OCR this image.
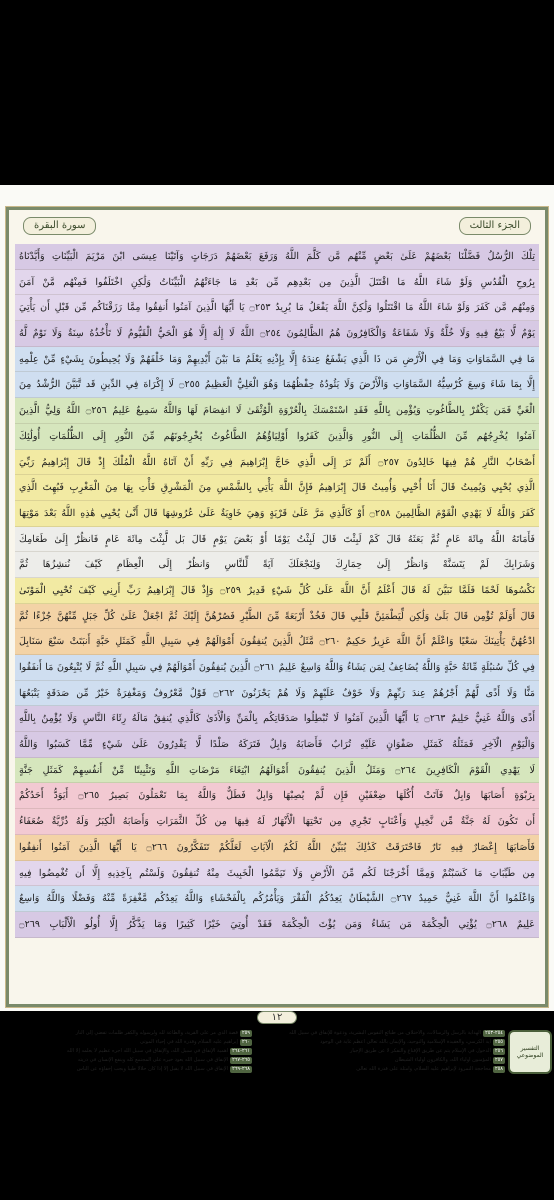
سورة البقرة	الجزء الثالث
تِلْكَ الرُّسُلُ فَضَّلْنَا بَعْضَهُمْ عَلَىٰ بَعْضٍ مِّنْهُم مَّن كَلَّمَ اللَّهُ وَرَفَعَ بَعْضَهُمْ دَرَجَاتٍ وَآتَيْنَا عِيسَى ابْنَ مَرْيَمَ الْبَيِّنَاتِ وَأَيَّدْنَاهُ
بِرُوحِ الْقُدُسِ وَلَوْ شَاءَ اللَّهُ مَا اقْتَتَلَ الَّذِينَ مِن بَعْدِهِم مِّن بَعْدِ مَا جَاءَتْهُمُ الْبَيِّنَاتُ وَلَٰكِنِ اخْتَلَفُوا فَمِنْهُم مَّنْ آمَنَ
وَمِنْهُم مَّن كَفَرَ وَلَوْ شَاءَ اللَّهُ مَا اقْتَتَلُوا وَلَٰكِنَّ اللَّهَ يَفْعَلُ مَا يُرِيدُ ۝٢٥٣ يَا أَيُّهَا الَّذِينَ آمَنُوا أَنفِقُوا مِمَّا رَزَقْنَاكُم مِّن قَبْلِ أَن يَأْتِيَ
يَوْمٌ لَّا بَيْعٌ فِيهِ وَلَا خُلَّةٌ وَلَا شَفَاعَةٌ وَالْكَافِرُونَ هُمُ الظَّالِمُونَ ۝٢٥٤ اللَّهُ لَا إِلَٰهَ إِلَّا هُوَ الْحَيُّ الْقَيُّومُ لَا تَأْخُذُهُ سِنَةٌ وَلَا نَوْمٌ لَّهُ
مَا فِي السَّمَاوَاتِ وَمَا فِي الْأَرْضِ مَن ذَا الَّذِي يَشْفَعُ عِندَهُ إِلَّا بِإِذْنِهِ يَعْلَمُ مَا بَيْنَ أَيْدِيهِمْ وَمَا خَلْفَهُمْ وَلَا يُحِيطُونَ بِشَيْءٍ مِّنْ عِلْمِهِ
إِلَّا بِمَا شَاءَ وَسِعَ كُرْسِيُّهُ السَّمَاوَاتِ وَالْأَرْضَ وَلَا يَئُودُهُ حِفْظُهُمَا وَهُوَ الْعَلِيُّ الْعَظِيمُ ۝٢٥٥ لَا إِكْرَاهَ فِي الدِّينِ قَد تَّبَيَّنَ الرُّشْدُ مِنَ
الْغَيِّ فَمَن يَكْفُرْ بِالطَّاغُوتِ وَيُؤْمِن بِاللَّهِ فَقَدِ اسْتَمْسَكَ بِالْعُرْوَةِ الْوُثْقَىٰ لَا انفِصَامَ لَهَا وَاللَّهُ سَمِيعٌ عَلِيمٌ ۝٢٥٦ اللَّهُ وَلِيُّ الَّذِينَ
آمَنُوا يُخْرِجُهُم مِّنَ الظُّلُمَاتِ إِلَى النُّورِ وَالَّذِينَ كَفَرُوا أَوْلِيَاؤُهُمُ الطَّاغُوتُ يُخْرِجُونَهُم مِّنَ النُّورِ إِلَى الظُّلُمَاتِ أُولَٰئِكَ
أَصْحَابُ النَّارِ هُمْ فِيهَا خَالِدُونَ ۝٢٥٧ أَلَمْ تَرَ إِلَى الَّذِي حَاجَّ إِبْرَاهِيمَ فِي رَبِّهِ أَنْ آتَاهُ اللَّهُ الْمُلْكَ إِذْ قَالَ إِبْرَاهِيمُ رَبِّيَ
الَّذِي يُحْيِي وَيُمِيتُ قَالَ أَنَا أُحْيِي وَأُمِيتُ قَالَ إِبْرَاهِيمُ فَإِنَّ اللَّهَ يَأْتِي بِالشَّمْسِ مِنَ الْمَشْرِقِ فَأْتِ بِهَا مِنَ الْمَغْرِبِ فَبُهِتَ الَّذِي
كَفَرَ وَاللَّهُ لَا يَهْدِي الْقَوْمَ الظَّالِمِينَ ۝٢٥٨ أَوْ كَالَّذِي مَرَّ عَلَىٰ قَرْيَةٍ وَهِيَ خَاوِيَةٌ عَلَىٰ عُرُوشِهَا قَالَ أَنَّىٰ يُحْيِي هَٰذِهِ اللَّهُ بَعْدَ مَوْتِهَا
فَأَمَاتَهُ اللَّهُ مِائَةَ عَامٍ ثُمَّ بَعَثَهُ قَالَ كَمْ لَبِثْتَ قَالَ لَبِثْتُ يَوْمًا أَوْ بَعْضَ يَوْمٍ قَالَ بَل لَّبِثْتَ مِائَةَ عَامٍ فَانظُرْ إِلَىٰ طَعَامِكَ
وَشَرَابِكَ لَمْ يَتَسَنَّهْ وَانظُرْ إِلَىٰ حِمَارِكَ وَلِنَجْعَلَكَ آيَةً لِّلنَّاسِ وَانظُرْ إِلَى الْعِظَامِ كَيْفَ نُنشِزُهَا ثُمَّ
نَكْسُوهَا لَحْمًا فَلَمَّا تَبَيَّنَ لَهُ قَالَ أَعْلَمُ أَنَّ اللَّهَ عَلَىٰ كُلِّ شَيْءٍ قَدِيرٌ ۝٢٥٩ وَإِذْ قَالَ إِبْرَاهِيمُ رَبِّ أَرِنِي كَيْفَ تُحْيِي الْمَوْتَىٰ
قَالَ أَوَلَمْ تُؤْمِن قَالَ بَلَىٰ وَلَٰكِن لِّيَطْمَئِنَّ قَلْبِي قَالَ فَخُذْ أَرْبَعَةً مِّنَ الطَّيْرِ فَصُرْهُنَّ إِلَيْكَ ثُمَّ اجْعَلْ عَلَىٰ كُلِّ جَبَلٍ مِّنْهُنَّ جُزْءًا ثُمَّ
ادْعُهُنَّ يَأْتِينَكَ سَعْيًا وَاعْلَمْ أَنَّ اللَّهَ عَزِيزٌ حَكِيمٌ ۝٢٦٠ مَّثَلُ الَّذِينَ يُنفِقُونَ أَمْوَالَهُمْ فِي سَبِيلِ اللَّهِ كَمَثَلِ حَبَّةٍ أَنبَتَتْ سَبْعَ سَنَابِلَ
فِي كُلِّ سُنبُلَةٍ مِّائَةُ حَبَّةٍ وَاللَّهُ يُضَاعِفُ لِمَن يَشَاءُ وَاللَّهُ وَاسِعٌ عَلِيمٌ ۝٢٦١ الَّذِينَ يُنفِقُونَ أَمْوَالَهُمْ فِي سَبِيلِ اللَّهِ ثُمَّ لَا يُتْبِعُونَ مَا أَنفَقُوا
مَنًّا وَلَا أَذًى لَّهُمْ أَجْرُهُمْ عِندَ رَبِّهِمْ وَلَا خَوْفٌ عَلَيْهِمْ وَلَا هُمْ يَحْزَنُونَ ۝٢٦٢ قَوْلٌ مَّعْرُوفٌ وَمَغْفِرَةٌ خَيْرٌ مِّن صَدَقَةٍ يَتْبَعُهَا
أَذًى وَاللَّهُ غَنِيٌّ حَلِيمٌ ۝٢٦٣ يَا أَيُّهَا الَّذِينَ آمَنُوا لَا تُبْطِلُوا صَدَقَاتِكُم بِالْمَنِّ وَالْأَذَىٰ كَالَّذِي يُنفِقُ مَالَهُ رِئَاءَ النَّاسِ وَلَا يُؤْمِنُ بِاللَّهِ
وَالْيَوْمِ الْآخِرِ فَمَثَلُهُ كَمَثَلِ صَفْوَانٍ عَلَيْهِ تُرَابٌ فَأَصَابَهُ وَابِلٌ فَتَرَكَهُ صَلْدًا لَّا يَقْدِرُونَ عَلَىٰ شَيْءٍ مِّمَّا كَسَبُوا وَاللَّهُ
لَا يَهْدِي الْقَوْمَ الْكَافِرِينَ ۝٢٦٤ وَمَثَلُ الَّذِينَ يُنفِقُونَ أَمْوَالَهُمُ ابْتِغَاءَ مَرْضَاتِ اللَّهِ وَتَثْبِيتًا مِّنْ أَنفُسِهِمْ كَمَثَلِ جَنَّةٍ
بِرَبْوَةٍ أَصَابَهَا وَابِلٌ فَآتَتْ أُكُلَهَا ضِعْفَيْنِ فَإِن لَّمْ يُصِبْهَا وَابِلٌ فَطَلٌّ وَاللَّهُ بِمَا تَعْمَلُونَ بَصِيرٌ ۝٢٦٥ أَيَوَدُّ أَحَدُكُمْ
أَن تَكُونَ لَهُ جَنَّةٌ مِّن نَّخِيلٍ وَأَعْنَابٍ تَجْرِي مِن تَحْتِهَا الْأَنْهَارُ لَهُ فِيهَا مِن كُلِّ الثَّمَرَاتِ وَأَصَابَهُ الْكِبَرُ وَلَهُ ذُرِّيَّةٌ ضُعَفَاءُ
فَأَصَابَهَا إِعْصَارٌ فِيهِ نَارٌ فَاحْتَرَقَتْ كَذَٰلِكَ يُبَيِّنُ اللَّهُ لَكُمُ الْآيَاتِ لَعَلَّكُمْ تَتَفَكَّرُونَ ۝٢٦٦ يَا أَيُّهَا الَّذِينَ آمَنُوا أَنفِقُوا
مِن طَيِّبَاتِ مَا كَسَبْتُمْ وَمِمَّا أَخْرَجْنَا لَكُم مِّنَ الْأَرْضِ وَلَا تَيَمَّمُوا الْخَبِيثَ مِنْهُ تُنفِقُونَ وَلَسْتُم بِآخِذِيهِ إِلَّا أَن تُغْمِضُوا فِيهِ
وَاعْلَمُوا أَنَّ اللَّهَ غَنِيٌّ حَمِيدٌ ۝٢٦٧ الشَّيْطَانُ يَعِدُكُمُ الْفَقْرَ وَيَأْمُرُكُم بِالْفَحْشَاءِ وَاللَّهُ يَعِدُكُم مَّغْفِرَةً مِّنْهُ وَفَضْلًا وَاللَّهُ وَاسِعٌ
عَلِيمٌ ۝٢٦٨ يُؤْتِي الْحِكْمَةَ مَن يَشَاءُ وَمَن يُؤْتَ الْحِكْمَةَ فَقَدْ أُوتِيَ خَيْرًا كَثِيرًا وَمَا يَذَّكَّرُ إِلَّا أُولُو الْأَلْبَابِ ۝٢٦٩
١٢
التفسير الموضوعي
٢٥٤-٢٥٣
الهداية بالرسل والرسالات، والاختلاف من طبائع النفوس البشرية، ودعوة للإنفاق في سبيل الله
٢٥٥
آية الكرسي، والعقيدة الإسلامية والتوحيد، والإيمان بالله تعالى أعظم غاية في الوجود
٢٥٦
الدخول في الإسلام يتم عن طريق الإقناع والتفكر لا عن طريق الإجبار
٢٥٧
المؤمنون أولياء الله، والكافرون أولياء الشيطان
٢٥٨
محاججة النمرود لإبراهيم عليه السلام، وأمثلة على قدرة الله تعالى
٢٥٩
قصة الذي مر على القرية، والطاعة لله ولرسوله والكفر ظلمات تفضي إلى النار
٢٦٠
إبراهيم عليه السلام وقدرة الله في إحياء الموتى
٢٦١-٢٦٤
أهمية الإنفاق في سبيل الله، والإنفاق في سبيل الله أجره عظيم لا يعلمه إلا الله
٢٦٥-٢٦٧
الإنفاق في سبيل الله يعود خيره على المجتمع كله وينفع الإنسان في ذريته
٢٦٨-٢٦٩
الإنفاق في سبيل الله لا يقبل إلا إذا كان حلالا طيبا ويجب إخفاؤه عن الناس
